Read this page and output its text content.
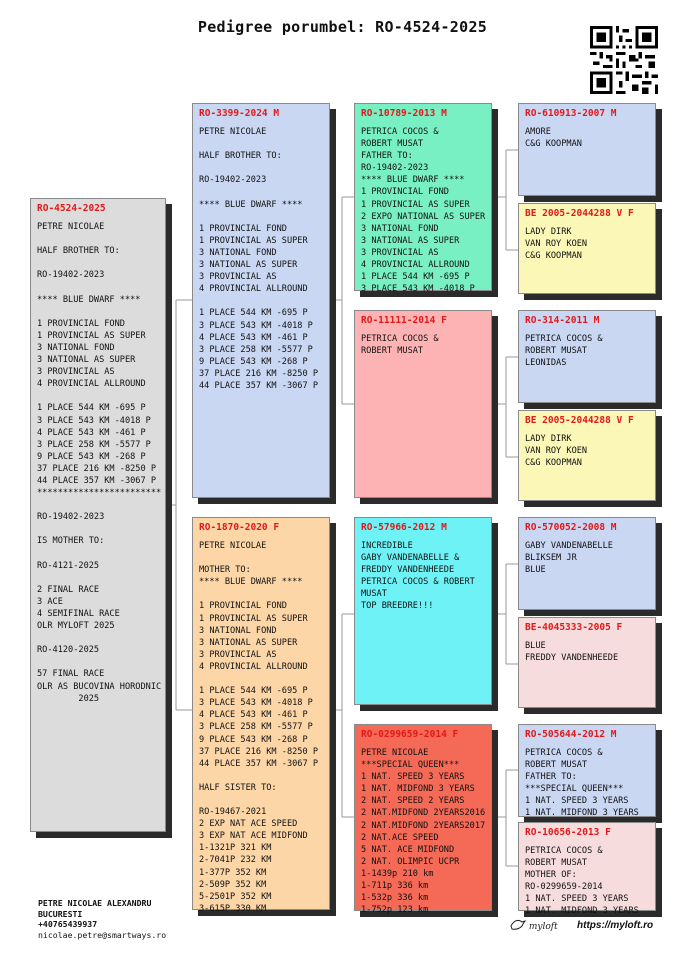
Pedigree porumbel: RO-4524-2025
RO-4524-2025
PETRE NICOLAE

HALF BROTHER TO:

RO-19402-2023

**** BLUE DWARF ****

1 PROVINCIAL FOND
1 PROVINCIAL AS SUPER
3 NATIONAL FOND
3 NATIONAL AS SUPER
3 PROVINCIAL AS
4 PROVINCIAL ALLROUND

1 PLACE 544 KM -695 P
3 PLACE 543 KM -4018 P
4 PLACE 543 KM -461 P
3 PLACE 258 KM -5577 P
9 PLACE 543 KM -268 P
37 PLACE 216 KM -8250 P
44 PLACE 357 KM -3067 P
************************

RO-19402-2023

IS MOTHER TO:

RO-4121-2025

2 FINAL RACE
3 ACE
4 SEMIFINAL RACE
OLR MYLOFT 2025

RO-4120-2025

57 FINAL RACE
OLR AS BUCOVINA HORODNIC
2025
RO-3399-2024 M
PETRE NICOLAE

HALF BROTHER TO:

RO-19402-2023

**** BLUE DWARF ****

1 PROVINCIAL FOND
1 PROVINCIAL AS SUPER
3 NATIONAL FOND
3 NATIONAL AS SUPER
3 PROVINCIAL AS
4 PROVINCIAL ALLROUND

1 PLACE 544 KM -695 P
3 PLACE 543 KM -4018 P
4 PLACE 543 KM -461 P
3 PLACE 258 KM -5577 P
9 PLACE 543 KM -268 P
37 PLACE 216 KM -8250 P
44 PLACE 357 KM -3067 P
RO-1870-2020 F
PETRE NICOLAE

MOTHER TO:
**** BLUE DWARF ****

1 PROVINCIAL FOND
1 PROVINCIAL AS SUPER
3 NATIONAL FOND
3 NATIONAL AS SUPER
3 PROVINCIAL AS
4 PROVINCIAL ALLROUND

1 PLACE 544 KM -695 P
3 PLACE 543 KM -4018 P
4 PLACE 543 KM -461 P
3 PLACE 258 KM -5577 P
9 PLACE 543 KM -268 P
37 PLACE 216 KM -8250 P
44 PLACE 357 KM -3067 P

HALF SISTER TO:

RO-19467-2021
2 EXP NAT ACE SPEED
3 EXP NAT ACE MIDFOND
1-1321P 321 KM
2-7041P 232 KM
1-377P 352 KM
2-509P 352 KM
5-2501P 352 KM
3-615P 330 KM
RO-10789-2013 M
PETRICA COCOS &
ROBERT MUSAT
FATHER TO:
RO-19402-2023
**** BLUE DWARF ****
1 PROVINCIAL FOND
1 PROVINCIAL AS SUPER
2 EXPO NATIONAL AS SUPER
3 NATIONAL FOND
3 NATIONAL AS SUPER
3 PROVINCIAL AS
4 PROVINCIAL ALLROUND
1 PLACE 544 KM -695 P
3 PLACE 543 KM -4018 P
RO-11111-2014 F
PETRICA COCOS &
ROBERT MUSAT
RO-57966-2012 M
INCREDIBLE
GABY VANDENABELLE &
FREDDY VANDENHEEDE
PETRICA COCOS & ROBERT
MUSAT
TOP BREEDRE!!!
RO-0299659-2014 F
PETRE NICOLAE
***SPECIAL QUEEN***
1 NAT. SPEED 3 YEARS
1 NAT. MIDFOND 3 YEARS
2 NAT. SPEED 2 YEARS
2 NAT.MIDFOND 2YEARS2016
2 NAT.MIDFOND 2YEARS2017
2 NAT.ACE SPEED
5 NAT. ACE MIDFOND
2 NAT. OLIMPIC UCPR
1-1439p 210 km
1-711p 336 km
1-532p 336 km
1-752p 123 km
RO-610913-2007 M
AMORE
C&G KOOPMAN
BE 2005-2044288 V F
LADY DIRK
VAN ROY KOEN
C&G KOOPMAN
RO-314-2011 M
PETRICA COCOS &
ROBERT MUSAT
LEONIDAS
BE 2005-2044288 V F
LADY DIRK
VAN ROY KOEN
C&G KOOPMAN
RO-570052-2008 M
GABY VANDENABELLE
BLIKSEM JR
BLUE
BE-4045333-2005 F
BLUE
FREDDY VANDENHEEDE
RO-505644-2012 M
PETRICA COCOS &
ROBERT MUSAT
FATHER TO:
***SPECIAL QUEEN***
1 NAT. SPEED 3 YEARS
1 NAT. MIDFOND 3 YEARS
RO-10656-2013 F
PETRICA COCOS &
ROBERT MUSAT
MOTHER OF:
RO-0299659-2014
1 NAT. SPEED 3 YEARS
1 NAT. MIDFOND 3 YEARS
PETRE NICOLAE ALEXANDRU
BUCURESTI
+40765439937
nicolae.petre@smartways.ro
myloft https://myloft.ro
